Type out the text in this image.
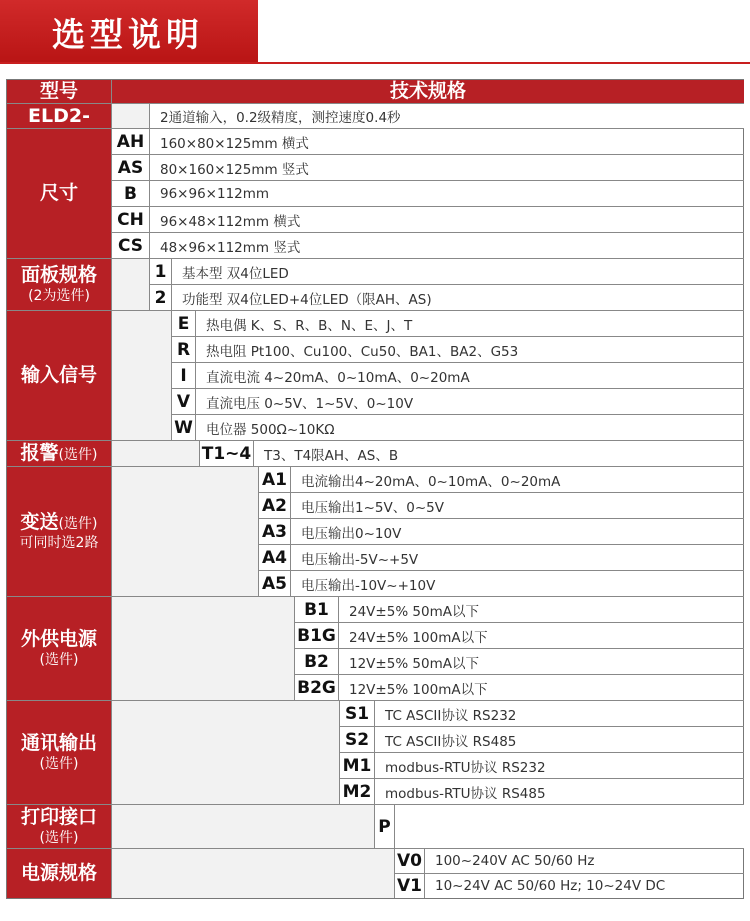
选型说明
型号	技术规格
ELD2-	2通道输入，0.2级精度，测控速度0.4秒
尺寸
AH	160×80×125mm 横式
AS	80×160×125mm 竖式
B	96×96×112mm
CH	96×48×112mm 横式
CS	48×96×112mm 竖式
面板规格
(2为选件)
1	基本型 双4位LED
2	功能型 双4位LED+4位LED（限AH、AS)
输入信号
E	热电偶 K、S、R、B、N、E、J、T
R	热电阻 Pt100、Cu100、Cu50、BA1、BA2、G53
I	直流电流 4~20mA、0~10mA、0~20mA
V	直流电压 0~5V、1~5V、0~10V
W 电位器 500Ω~10KΩ
报警 (选件)	T1~4 T3、T4限AH、AS、B
变送(选件)
可同时选2路
A1	电流输出4~20mA、0~10mA、0~20mA
A2	电压输出1~5V、0~5V
A3	电压输出0~10V
A4	电压输出-5V~+5V
A5	电压输出-10V~+10V
外供电源
(选件)
B1	24V±5% 50mA以下
B1G 24V±5% 100mA以下
B2	12V±5% 50mA以下
B2G 12V±5% 100mA以下
通讯输出
(选件)
S1	TC ASCII协议 RS232
S2	TC ASCII协议 RS485
M1	modbus-RTU协议 RS232
M2	modbus-RTU协议 RS485
打印接口
(选件)
P
电源规格
V0 100~240V AC 50/60 Hz
V1 10~24V AC 50/60 Hz; 10~24V DC
